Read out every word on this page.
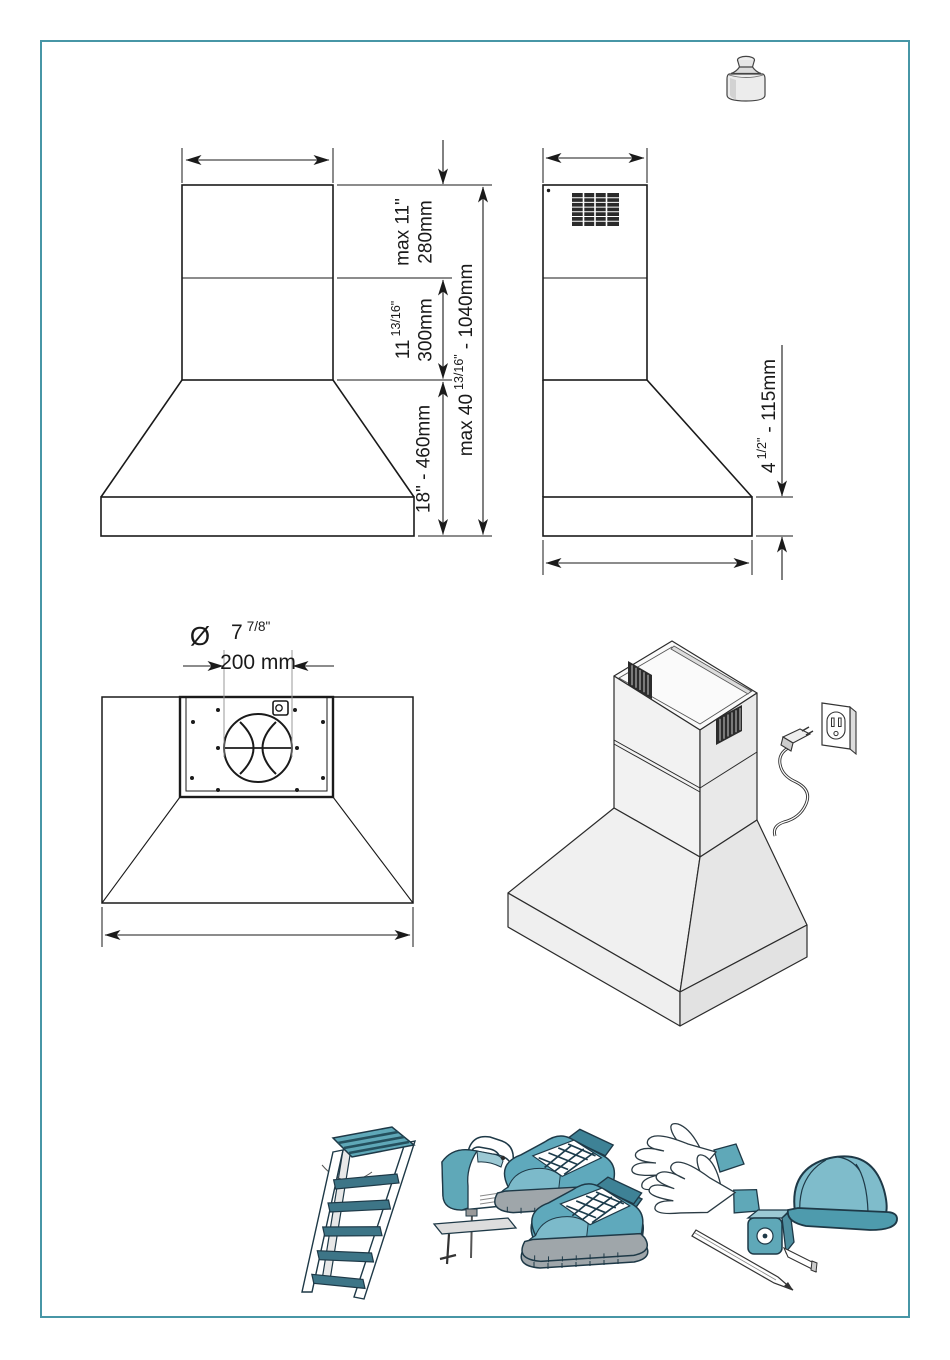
max 11" 280mm
$11^{13/16"}$ 300mm
18" - 460mm $\max 40^{13/16"}-$ 1040mm
$4^{1/2"}-$ 115mm
Ø 7 $^{7/8"}$
200 mm
